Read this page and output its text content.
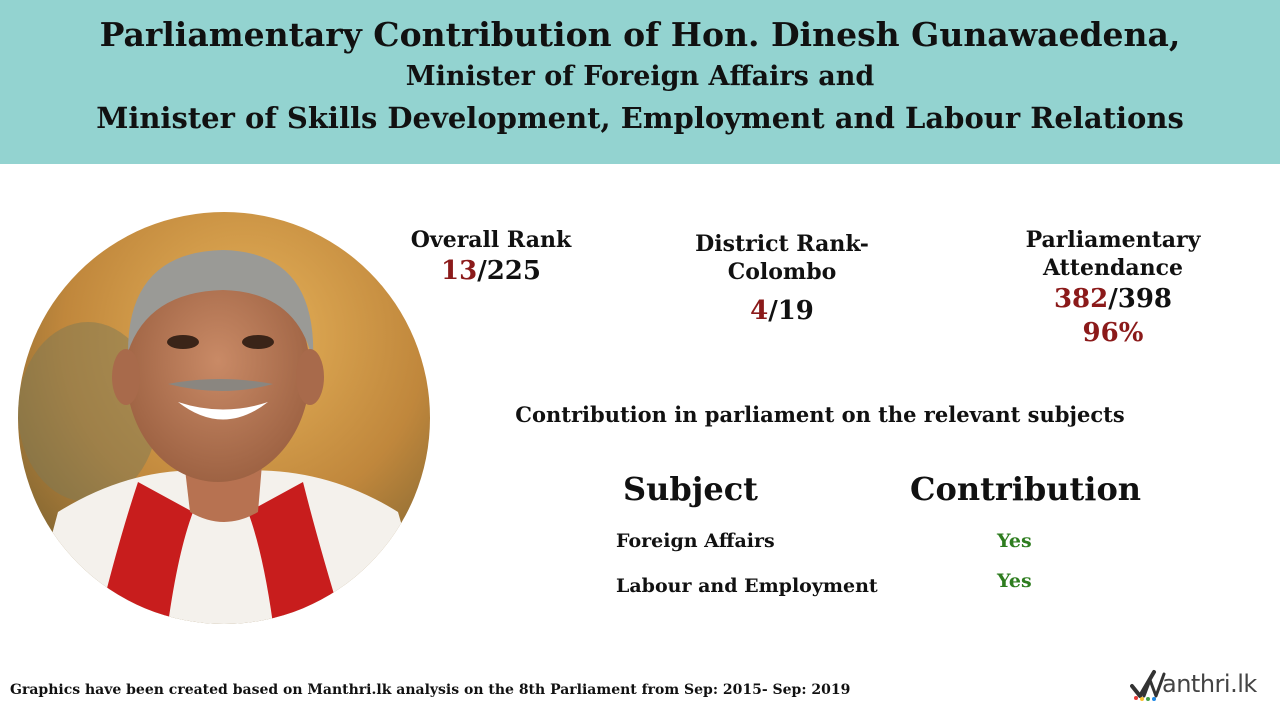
Parliamentary Contribution of Hon. Dinesh Gunawaedena,
Minister of Foreign Affairs and
Minister of Skills Development, Employment and Labour Relations
Overall Rank
13/225
District Rank-
Colombo
4/19
Parliamentary Attendance
382/398
96%
Contribution in parliament on the relevant subjects
Subject	Contribution
Foreign Affairs	Yes
Labour and Employment	Yes
Graphics have been created based on Manthri.lk analysis on the 8th Parliament from Sep: 2015- Sep: 2019	anthri.lk
